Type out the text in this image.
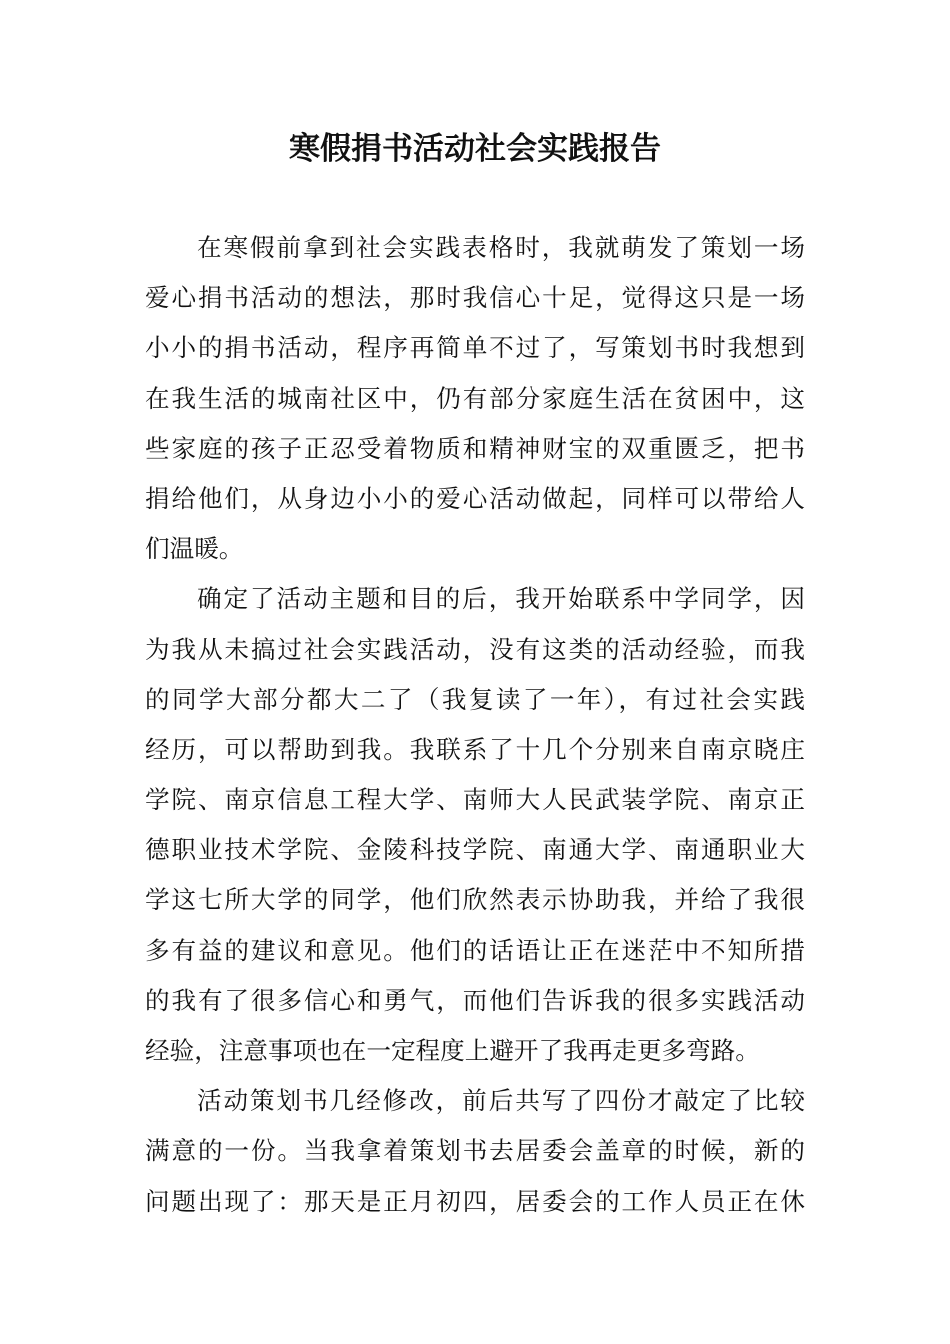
寒假捐书活动社会实践报告
在寒假前拿到社会实践表格时，我就萌发了策划一场
爱心捐书活动的想法，那时我信心十足，觉得这只是一场
小小的捐书活动，程序再简单不过了，写策划书时我想到
在我生活的城南社区中，仍有部分家庭生活在贫困中，这
些家庭的孩子正忍受着物质和精神财宝的双重匮乏，把书
捐给他们，从身边小小的爱心活动做起，同样可以带给人
们温暖。
确定了活动主题和目的后，我开始联系中学同学，因
为我从未搞过社会实践活动，没有这类的活动经验，而我
的同学大部分都大二了（我复读了一年），有过社会实践
经历，可以帮助到我。我联系了十几个分别来自南京晓庄
学院、南京信息工程大学、南师大人民武装学院、南京正
德职业技术学院、金陵科技学院、南通大学、南通职业大
学这七所大学的同学，他们欣然表示协助我，并给了我很
多有益的建议和意见。他们的话语让正在迷茫中不知所措
的我有了很多信心和勇气，而他们告诉我的很多实践活动
经验，注意事项也在一定程度上避开了我再走更多弯路。
活动策划书几经修改，前后共写了四份才敲定了比较
满意的一份。当我拿着策划书去居委会盖章的时候，新的
问题出现了：那天是正月初四，居委会的工作人员正在休
